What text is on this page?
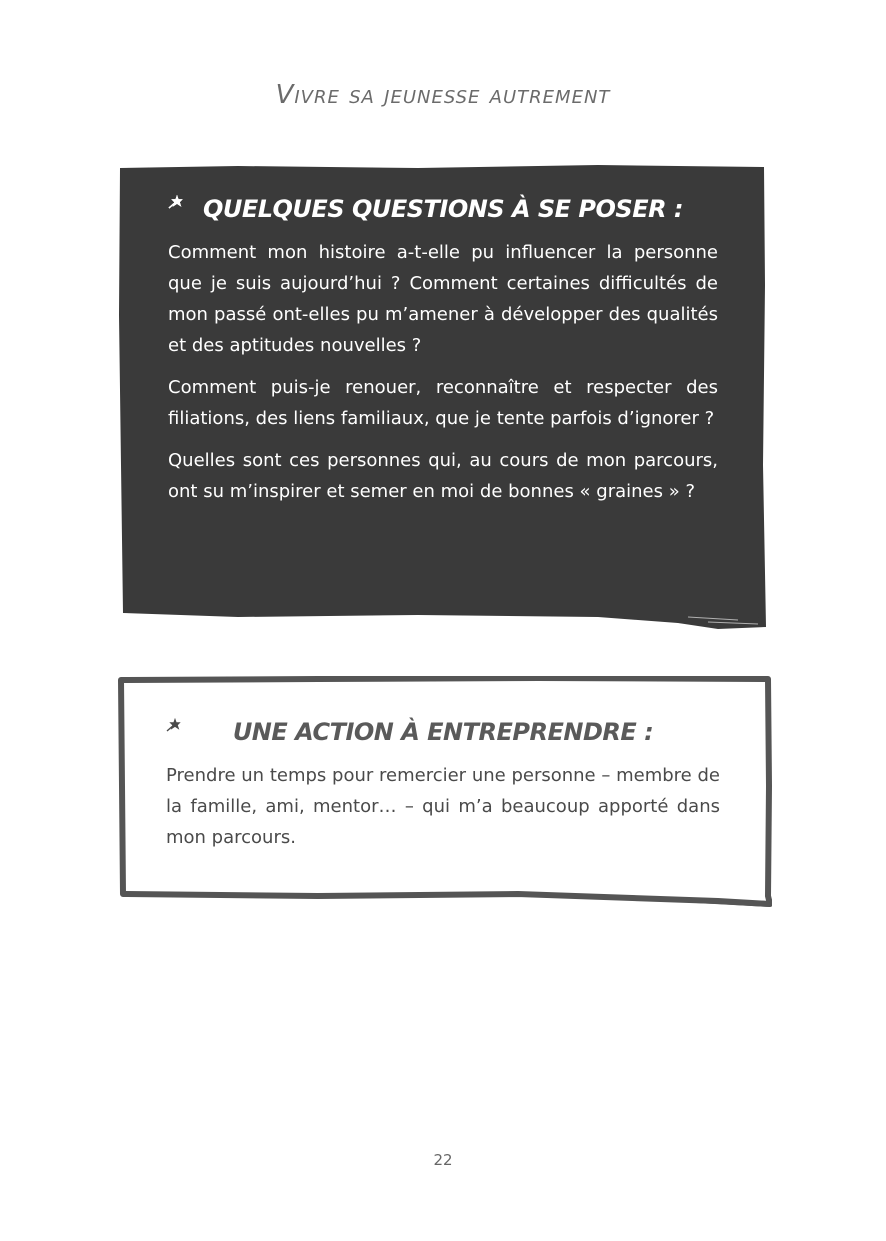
Vivre sa jeunesse autrement
QUELQUES QUESTIONS À SE POSER :

Comment mon histoire a-t-elle pu influencer la personne que je suis aujourd’hui ? Comment certaines difficultés de mon passé ont-elles pu m’amener à développer des qualités et des aptitudes nouvelles ?

Comment puis-je renouer, reconnaître et respecter des filiations, des liens familiaux, que je tente parfois d’ignorer ?

Quelles sont ces personnes qui, au cours de mon parcours, ont su m’inspirer et semer en moi de bonnes « graines » ?

UNE ACTION À ENTREPRENDRE :

Prendre un temps pour remercier une personne – membre de la famille, ami, mentor… – qui m’a beaucoup apporté dans mon parcours.

22
